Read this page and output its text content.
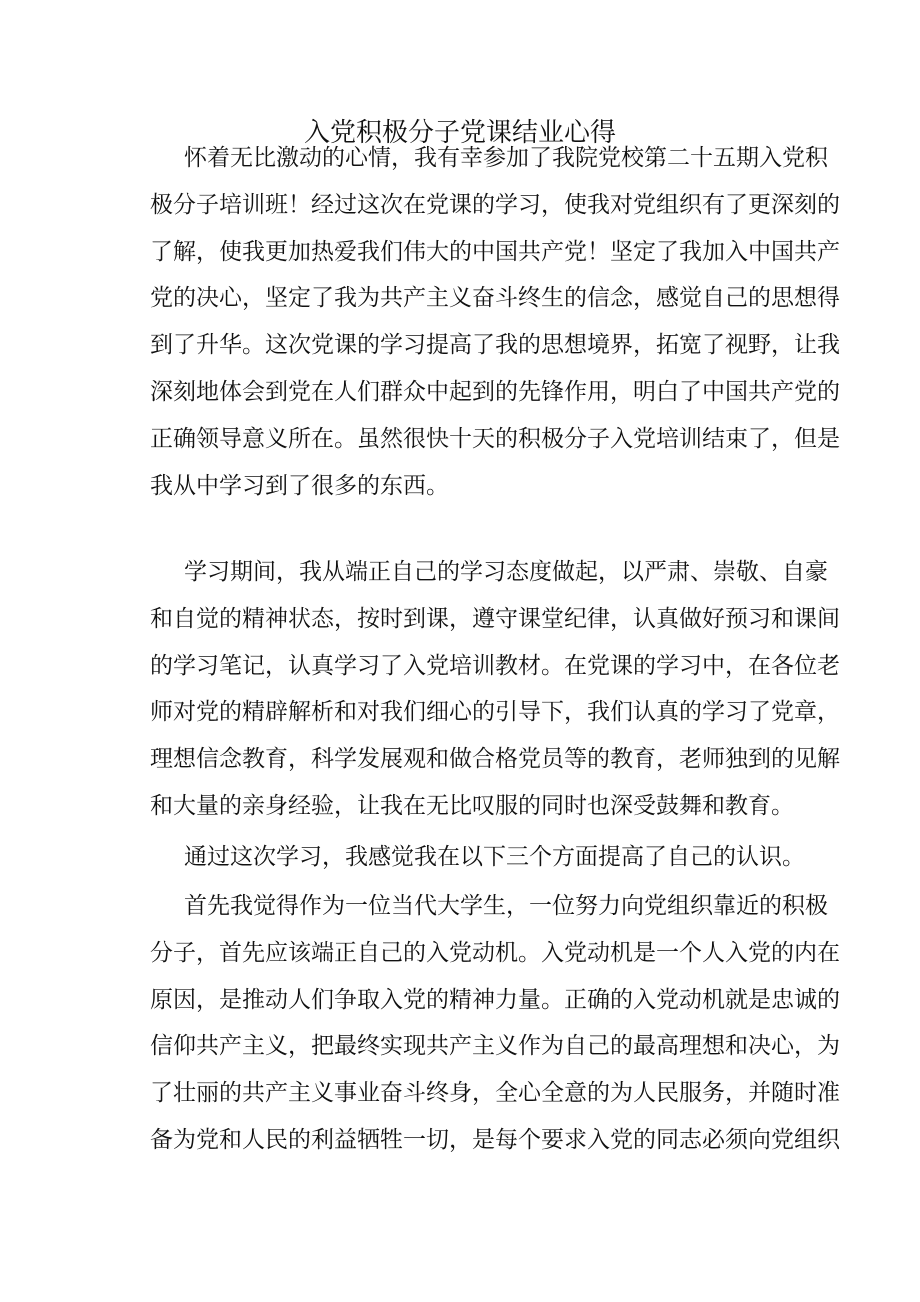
入党积极分子党课结业心得
怀着无比激动的心情，我有幸参加了我院党校第二十五期入党积
极分子培训班！经过这次在党课的学习，使我对党组织有了更深刻的
了解，使我更加热爱我们伟大的中国共产党！坚定了我加入中国共产
党的决心，坚定了我为共产主义奋斗终生的信念，感觉自己的思想得
到了升华。这次党课的学习提高了我的思想境界，拓宽了视野，让我
深刻地体会到党在人们群众中起到的先锋作用，明白了中国共产党的
正确领导意义所在。虽然很快十天的积极分子入党培训结束了，但是
我从中学习到了很多的东西。
学习期间，我从端正自己的学习态度做起，以严肃、崇敬、自豪
和自觉的精神状态，按时到课，遵守课堂纪律，认真做好预习和课间
的学习笔记，认真学习了入党培训教材。在党课的学习中，在各位老
师对党的精辟解析和对我们细心的引导下，我们认真的学习了党章，
理想信念教育，科学发展观和做合格党员等的教育，老师独到的见解
和大量的亲身经验，让我在无比叹服的同时也深受鼓舞和教育。
通过这次学习，我感觉我在以下三个方面提高了自己的认识。
首先我觉得作为一位当代大学生，一位努力向党组织靠近的积极
分子，首先应该端正自己的入党动机。入党动机是一个人入党的内在
原因，是推动人们争取入党的精神力量。正确的入党动机就是忠诚的
信仰共产主义，把最终实现共产主义作为自己的最高理想和决心，为
了壮丽的共产主义事业奋斗终身，全心全意的为人民服务，并随时准
备为党和人民的利益牺牲一切，是每个要求入党的同志必须向党组织
